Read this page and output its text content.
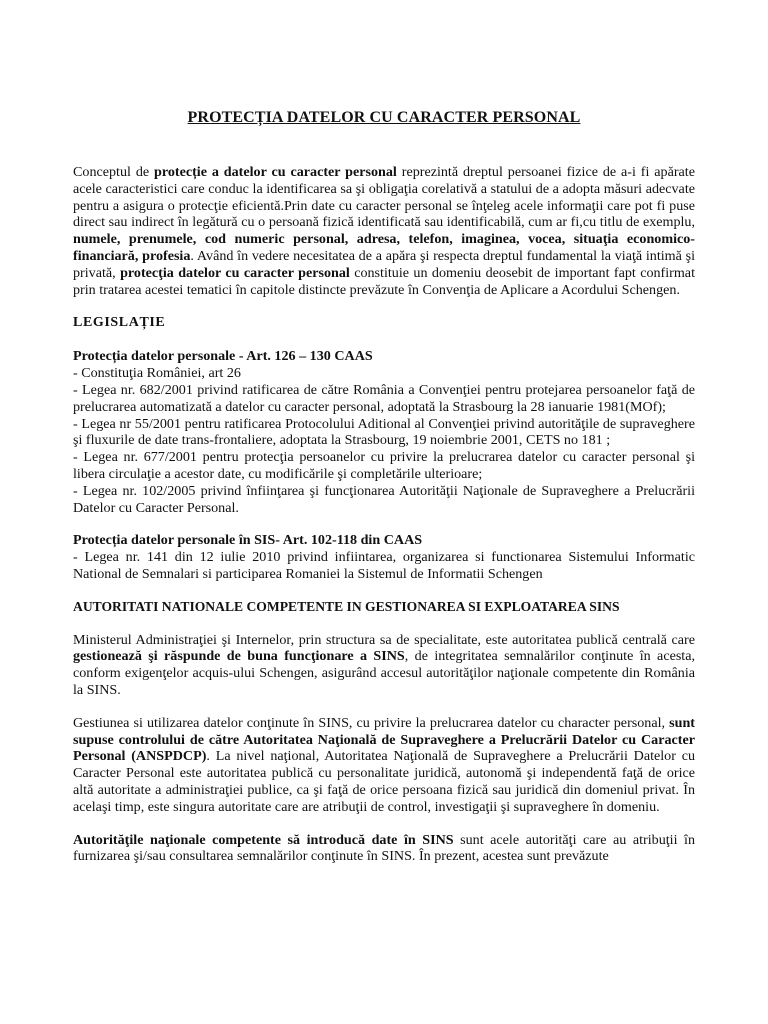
PROTECȚIA DATELOR CU CARACTER PERSONAL

Conceptul de protecție a datelor cu caracter personal reprezintă dreptul persoanei fizice de a-i fi apărate acele caracteristici care conduc la identificarea sa şi obligaţia corelativă a statului de a adopta măsuri adecvate pentru a asigura o protecţie eficientă.Prin date cu caracter personal se înţeleg acele informaţii care pot fi puse direct sau indirect în legătură cu o persoană fizică identificată sau identificabilă, cum ar fi,cu titlu de exemplu, numele, prenumele, cod numeric personal, adresa, telefon, imaginea, vocea, situaţia economico-financiară, profesia. Având în vedere necesitatea de a apăra şi respecta dreptul fundamental la viaţă intimă şi privată, protecţia datelor cu caracter personal constituie un domeniu deosebit de important fapt confirmat prin tratarea acestei tematici în capitole distincte prevăzute în Convenţia de Aplicare a Acordului Schengen.

LEGISLAȚIE
Protecția datelor personale - Art. 126 – 130 CAAS
- Constituţia României, art 26
- Legea nr. 682/2001 privind ratificarea de către România a Convenţiei pentru protejarea persoanelor faţă de prelucrarea automatizată a datelor cu caracter personal, adoptată la Strasbourg la 28 ianuarie 1981(MOf);
- Legea nr 55/2001 pentru ratificarea Protocolului Aditional al Convenţiei privind autorităţile de supraveghere şi fluxurile de date trans-frontaliere, adoptata la Strasbourg, 19 noiembrie 2001, CETS no 181 ;
- Legea nr. 677/2001 pentru protecţia persoanelor cu privire la prelucrarea datelor cu caracter personal şi libera circulaţie a acestor date, cu modificările şi completările ulterioare;
- Legea nr. 102/2005 privind înfiinţarea şi funcţionarea Autorităţii Naţionale de Supraveghere a Prelucrării Datelor cu Caracter Personal.
Protecția datelor personale în SIS- Art. 102-118 din CAAS
- Legea nr. 141 din 12 iulie 2010 privind infiintarea, organizarea si functionarea Sistemului Informatic National de Semnalari si participarea Romaniei la Sistemul de Informatii Schengen
AUTORITATI NATIONALE COMPETENTE IN GESTIONAREA SI EXPLOATAREA SINS

Ministerul Administraţiei şi Internelor, prin structura sa de specialitate, este autoritatea publică centrală care gestionează şi răspunde de buna funcţionare a SINS, de integritatea semnalărilor conţinute în acesta, conform exigenţelor acquis-ului Schengen, asigurând accesul autorităţilor naţionale competente din România la SINS.

Gestiunea si utilizarea datelor conţinute în SINS, cu privire la prelucrarea datelor cu character personal, sunt supuse controlului de către Autoritatea Naţională de Supraveghere a Prelucrării Datelor cu Caracter Personal (ANSPDCP). La nivel naţional, Autoritatea Naţională de Supraveghere a Prelucrării Datelor cu Caracter Personal este autoritatea publică cu personalitate juridică, autonomă şi independentă faţă de orice altă autoritate a administraţiei publice, ca şi faţă de orice persoana fizică sau juridică din domeniul privat. În acelaşi timp, este singura autoritate care are atribuţii de control, investigaţii şi supraveghere în domeniu.

Autorităţile naţionale competente să introducă date în SINS sunt acele autorităţi care au atribuţii în furnizarea şi/sau consultarea semnalărilor conţinute în SINS. În prezent, acestea sunt prevăzute
